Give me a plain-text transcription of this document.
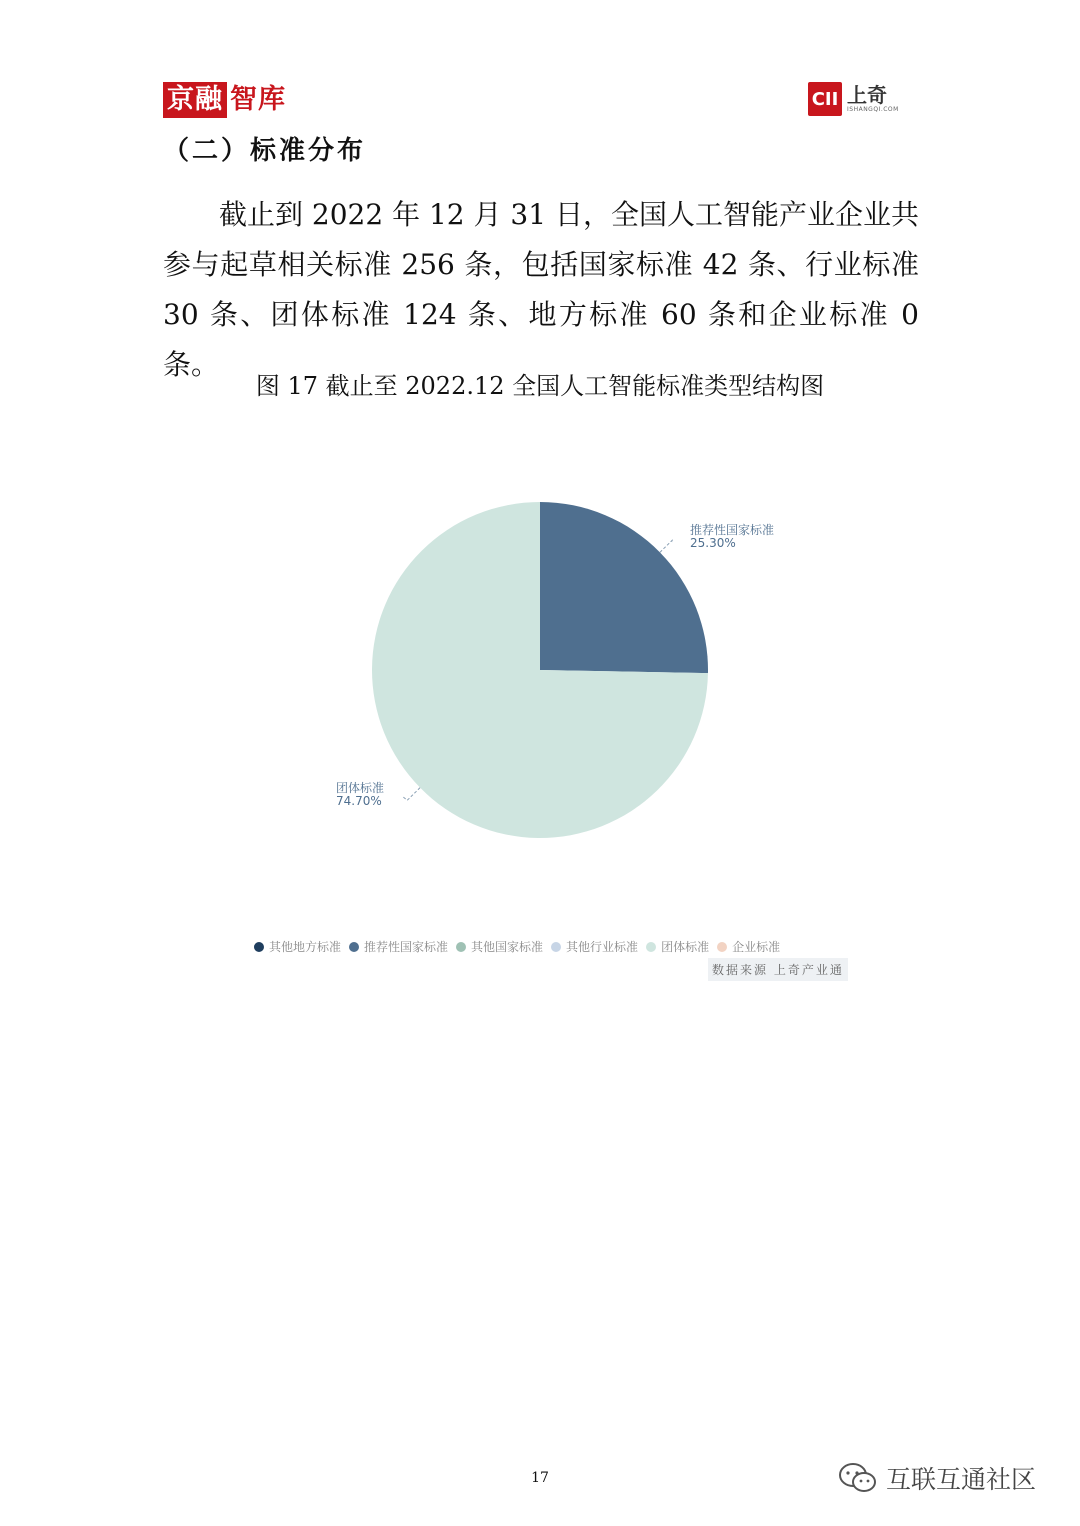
京融 智库	CII 上奇
ISHANGQI.COM
（二）标准分布

截止到 2022 年 12 月 31 日，全国人工智能产业企业共参与起草相关标准 256 条，包括国家标准 42 条、行业标准 30 条、团体标准 124 条、地方标准 60 条和企业标准 0 条。

图 17 截止至 2022.12 全国人工智能标准类型结构图
推荐性国家标准
25.30%
团体标准
74.70%
其他地方标准 推荐性国家标准 其他国家标准 其他行业标准 团体标准 企业标准
数据来源 上奇产业通
17	互联互通社区
